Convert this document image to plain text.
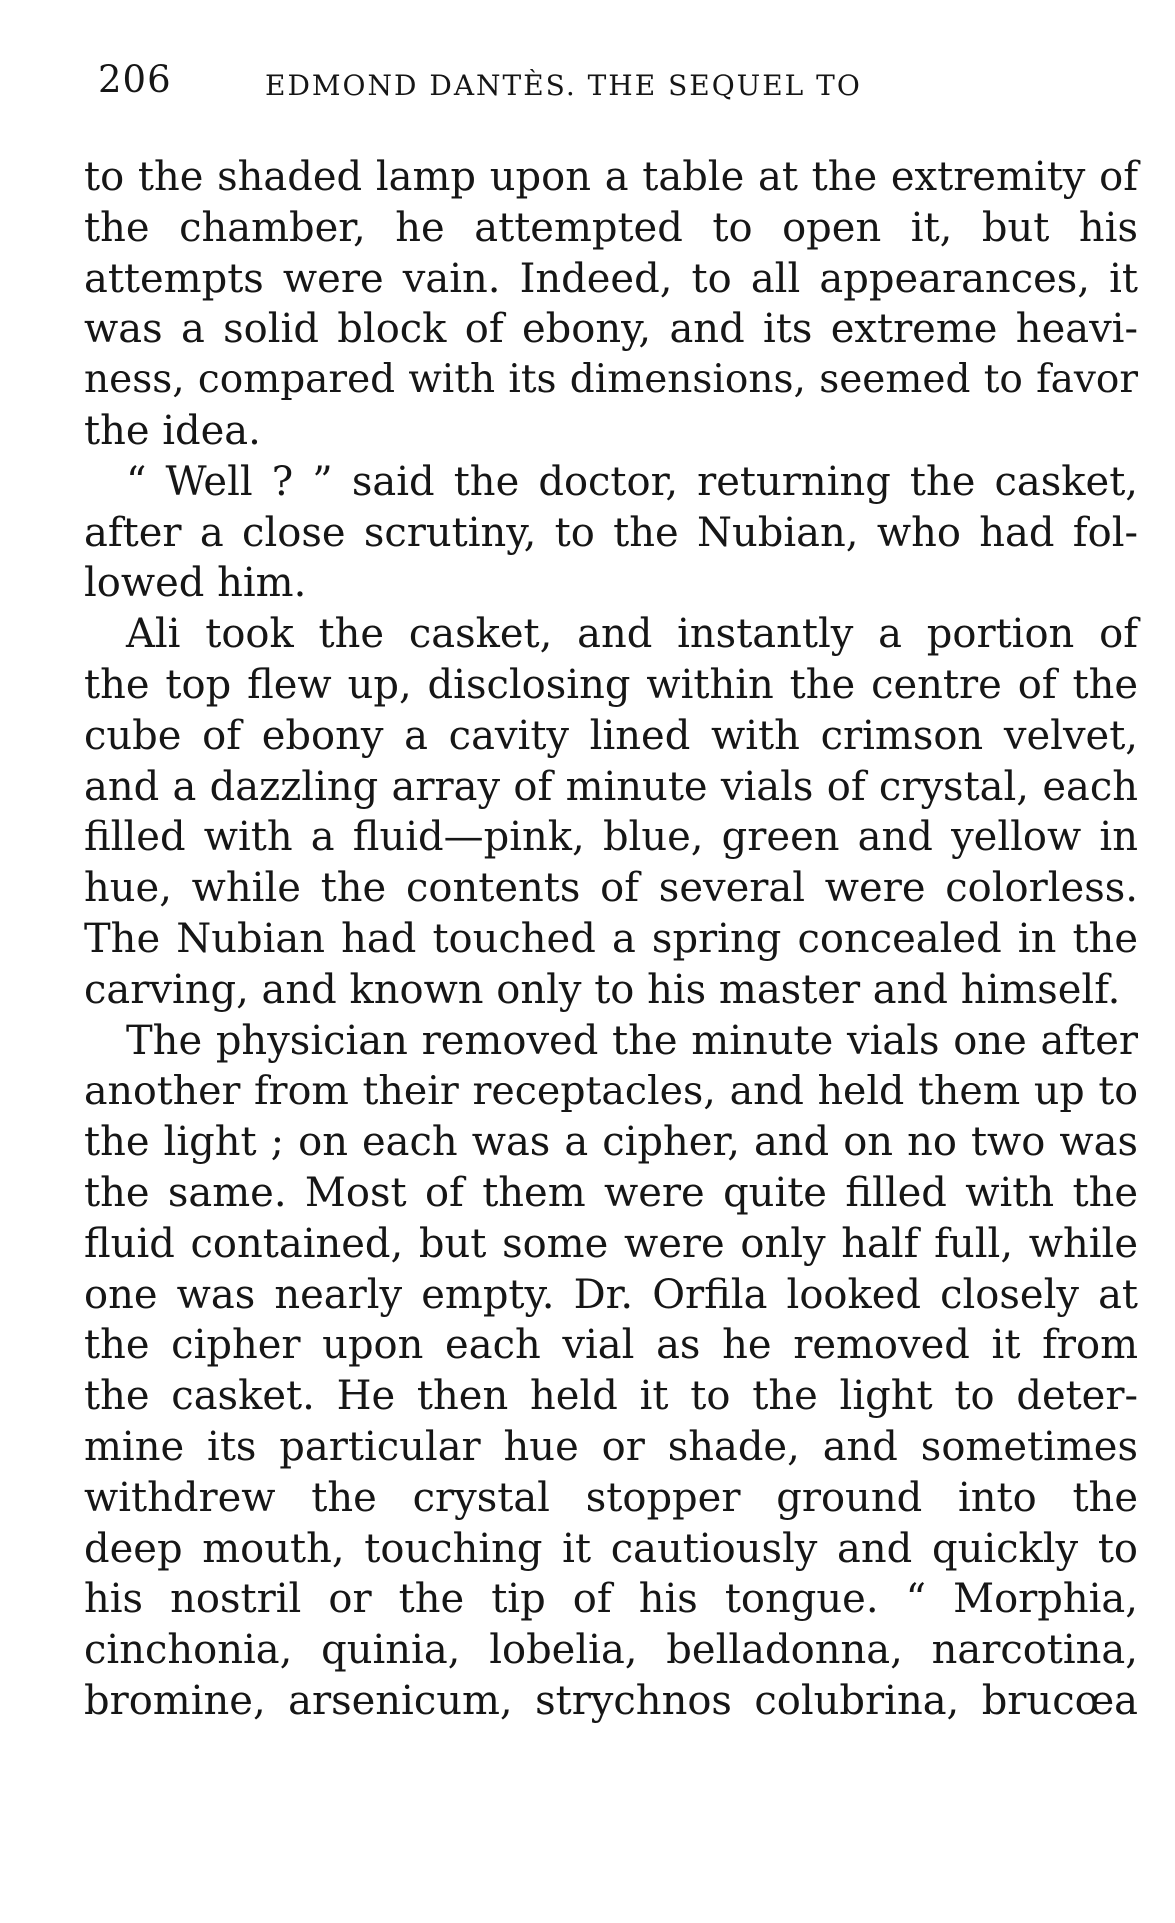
206	EDMOND DANTÈS. THE SEQUEL TO
to the shaded lamp upon a table at the extremity of
the chamber, he attempted to open it, but his
attempts were vain. Indeed, to all appearances, it
was a solid block of ebony, and its extreme heavi-
ness, compared with its dimensions, seemed to favor
the idea.
“ Well ? ” said the doctor, returning the casket,
after a close scrutiny, to the Nubian, who had fol-
lowed him.
Ali took the casket, and instantly a portion of
the top flew up, disclosing within the centre of the
cube of ebony a cavity lined with crimson velvet,
and a dazzling array of minute vials of crystal, each
filled with a fluid—pink, blue, green and yellow in
hue, while the contents of several were colorless.
The Nubian had touched a spring concealed in the
carving, and known only to his master and himself.
The physician removed the minute vials one after
another from their receptacles, and held them up to
the light ; on each was a cipher, and on no two was
the same. Most of them were quite filled with the
fluid contained, but some were only half full, while
one was nearly empty. Dr. Orfila looked closely at
the cipher upon each vial as he removed it from
the casket. He then held it to the light to deter-
mine its particular hue or shade, and sometimes
withdrew the crystal stopper ground into the
deep mouth, touching it cautiously and quickly to
his nostril or the tip of his tongue. “ Morphia,
cinchonia, quinia, lobelia, belladonna, narcotina,
bromine, arsenicum, strychnos colubrina, brucœa
